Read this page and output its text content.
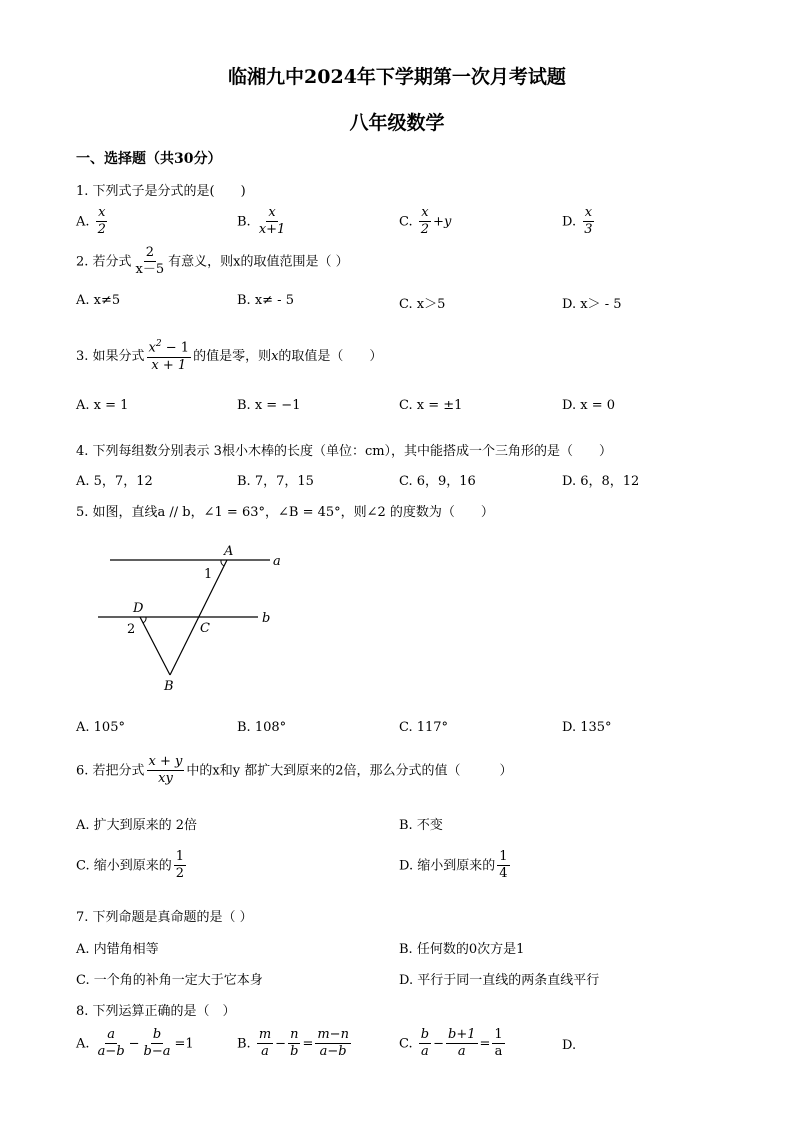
临湘九中2024年下学期第一次月考试题
八年级数学
一、选择题（共30分）
1. 下列式子是分式的是(　　)
A. $\frac{x}{2}$	B. $\frac{x}{x+1}$	C. $\frac{x}{2} +y$	D. $\frac{x}{3}$
2. 若分式 $\frac{2}{x-5}$ 有意义，则x的取值范围是（ ）
A. x≠5	B. x≠ - 5	C. x＞5	D. x＞ - 5
3. 如果分式 $\frac{x^2 - 1}{x + 1}$ 的值是零，则x的取值是（　　）
A. x = 1	B. x = −1	C. x = ±1	D. x = 0
4. 下列每组数分别表示 3根小木棒的长度（单位：cm），其中能搭成一个三角形的是（　　）
A. 5，7，12	B. 7，7，15	C. 6，9，16	D. 6，8，12
5. 如图，直线a // b，∠1 = 63°，∠B = 45°，则∠2 的度数为（　　）
A
a
1
D
C
b
2
B
A. 105°	B. 108°	C. 117°	D. 135°
6. 若把分式 $\frac{x + y}{xy}$ 中的x和y 都扩大到原来的2倍，那么分式的值（　　　）
A. 扩大到原来的 2倍	B. 不变
C. 缩小到原来的 $\frac{1}{2}$	D. 缩小到原来的 $\frac{1}{4}$
7. 下列命题是真命题的是（ ）
A. 内错角相等	B. 任何数的0次方是1
C. 一个角的补角一定大于它本身	D. 平行于同一直线的两条直线平行
8. 下列运算正确的是（　）
A. $\frac{a}{a-b} - \frac{b}{b-a} =1$	B. $\frac{m}{a} - \frac{n}{b} = \frac{m-n}{a-b}$	C. $\frac{b}{a} - \frac{b+1}{a} = \frac{1}{a}$	D.
